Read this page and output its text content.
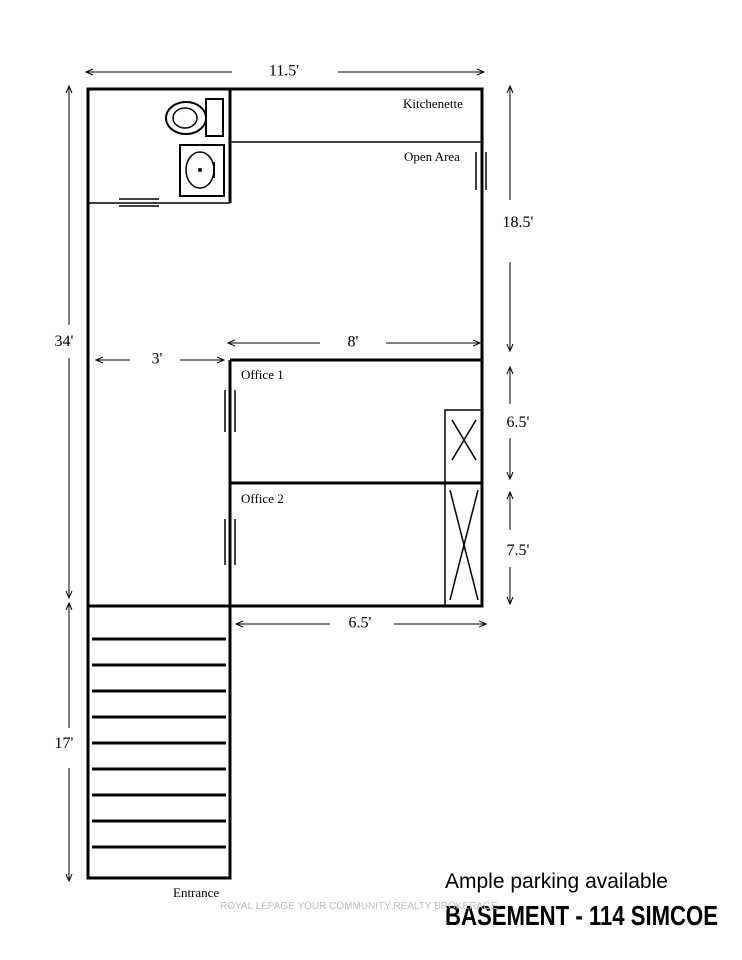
11.5'
18.5'
34'	8'
3'
6.5'
7.5'
6.5'
17'
Kitchenette
Open Area
Office 1
Office 2
Entrance	Ample parking available
BASEMENT - 114 SIMCOE
ROYAL LEPAGE YOUR COMMUNITY REALTY BROKERAGE
